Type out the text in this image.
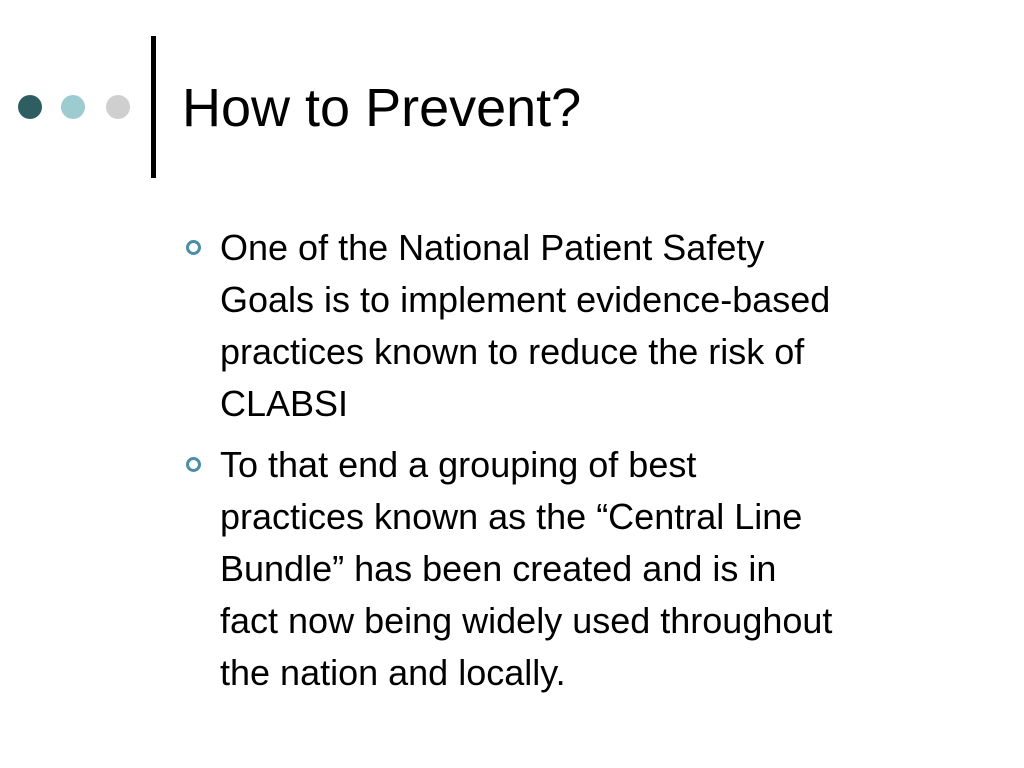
How to Prevent?
One of the National Patient Safety
Goals is to implement evidence-based
practices known to reduce the risk of
CLABSI
To that end a grouping of best
practices known as the “Central Line
Bundle” has been created and is in
fact now being widely used throughout
the nation and locally.
